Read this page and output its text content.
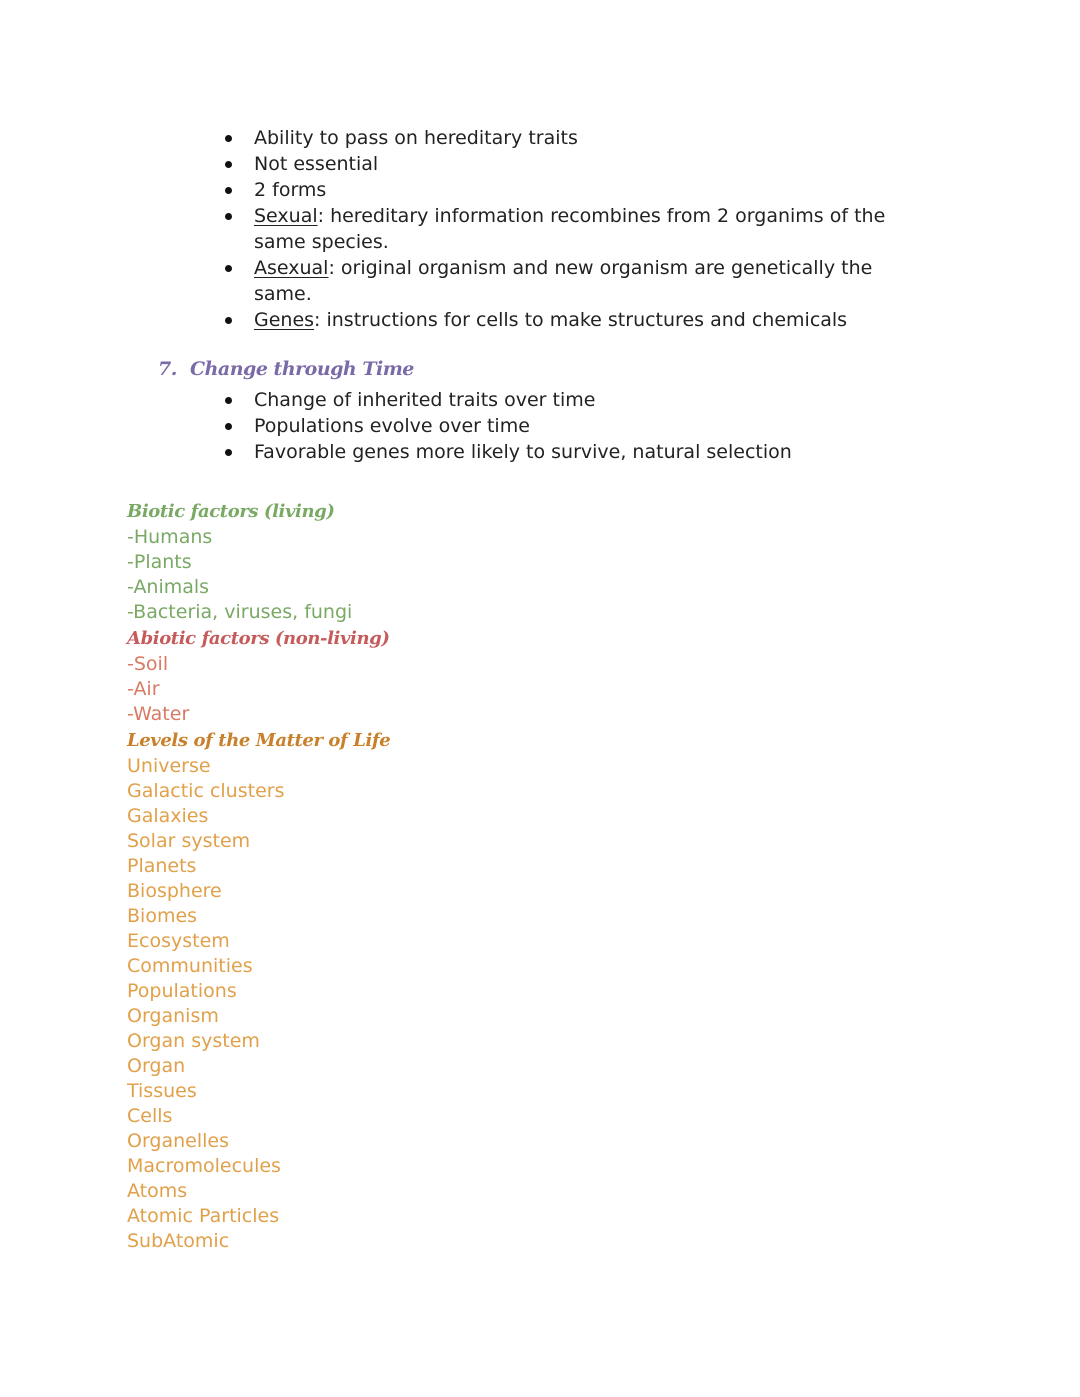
Ability to pass on hereditary traits
Not essential
2 forms
Sexual: hereditary information recombines from 2 organims of the
same species.
Asexual: original organism and new organism are genetically the
same.
Genes: instructions for cells to make structures and chemicals
7. Change through Time
Change of inherited traits over time
Populations evolve over time
Favorable genes more likely to survive, natural selection
Biotic factors (living)
-Humans
-Plants
-Animals
-Bacteria, viruses, fungi
Abiotic factors (non-living)
-Soil
-Air
-Water
Levels of the Matter of Life
Universe
Galactic clusters
Galaxies
Solar system
Planets
Biosphere
Biomes
Ecosystem
Communities
Populations
Organism
Organ system
Organ
Tissues
Cells
Organelles
Macromolecules
Atoms
Atomic Particles
SubAtomic
